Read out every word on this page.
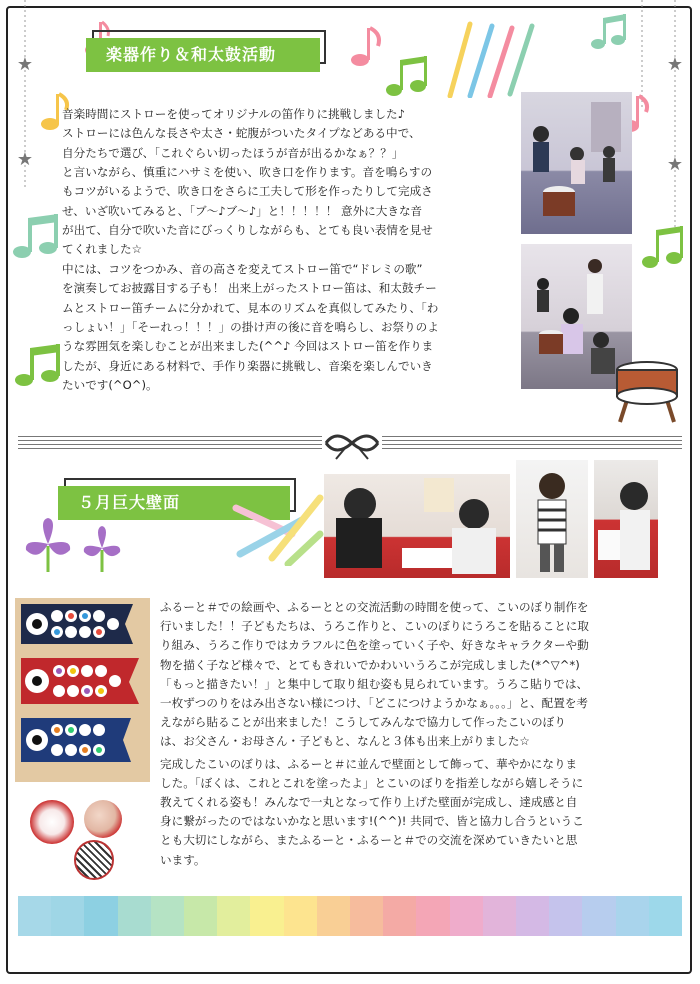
★
★
★
★
楽器作り＆和太鼓活動
音楽時間にストローを使ってオリジナルの笛作りに挑戦しました♪
ストローには色んな長さや太さ・蛇腹がついたタイプなどある中で、
自分たちで選び、「これぐらい切ったほうが音が出るかなぁ？？」
と言いながら、慎重にハサミを使い、吹き口を作ります。音を鳴らすの
もコツがいるようで、吹き口をさらに工夫して形を作ったりして完成さ
せ、いざ吹いてみると、「ブ～♪ブ～♪」と！！！！！ 意外に大きな音
が出て、自分で吹いた音にびっくりしながらも、とても良い表情を見せ
てくれました☆
中には、コツをつかみ、音の高さを変えてストロー笛で“ドレミの歌”
を演奏してお披露目する子も！ 出来上がったストロー笛は、和太鼓チー
ムとストロー笛チームに分かれて、見本のリズムを真似してみたり、「わ
っしょい！」「そーれっ！！！」の掛け声の後に音を鳴らし、お祭りのよ
うな雰囲気を楽しむことが出来ました(^^♪ 今回はストロー笛を作りま
したが、身近にある材料で、手作り楽器に挑戦し、音楽を楽しんでいき
たいです(^O^)。
５月巨大壁面
ふるーと＃での絵画や、ふるーととの交流活動の時間を使って、こいのぼり制作を
行いました！！子どもたちは、うろこ作りと、こいのぼりにうろこを貼ることに取
り組み、うろこ作りではカラフルに色を塗っていく子や、好きなキャラクターや動
物を描く子など様々で、とてもきれいでかわいいうろこが完成しました(*^▽^*)
「もっと描きたい！」と集中して取り組む姿も見られています。うろこ貼りでは、
一枚ずつのりをはみ出さない様につけ、「どこにつけようかなぁ。。。」と、配置を考
えながら貼ることが出来ました！こうしてみんなで協力して作ったこいのぼり
は、お父さん・お母さん・子どもと、なんと３体も出来上がりました☆
完成したこいのぼりは、ふるーと＃に並んで壁面として飾って、華やかになりま
した。「ぼくは、これとこれを塗ったよ」とこいのぼりを指差しながら嬉しそうに
教えてくれる姿も！みんなで一丸となって作り上げた壁面が完成し、達成感と自
身に繋がったのではないかなと思います!(^^)! 共同で、皆と協力し合うというこ
とも大切にしながら、またふるーと・ふるーと＃での交流を深めていきたいと思
います。
